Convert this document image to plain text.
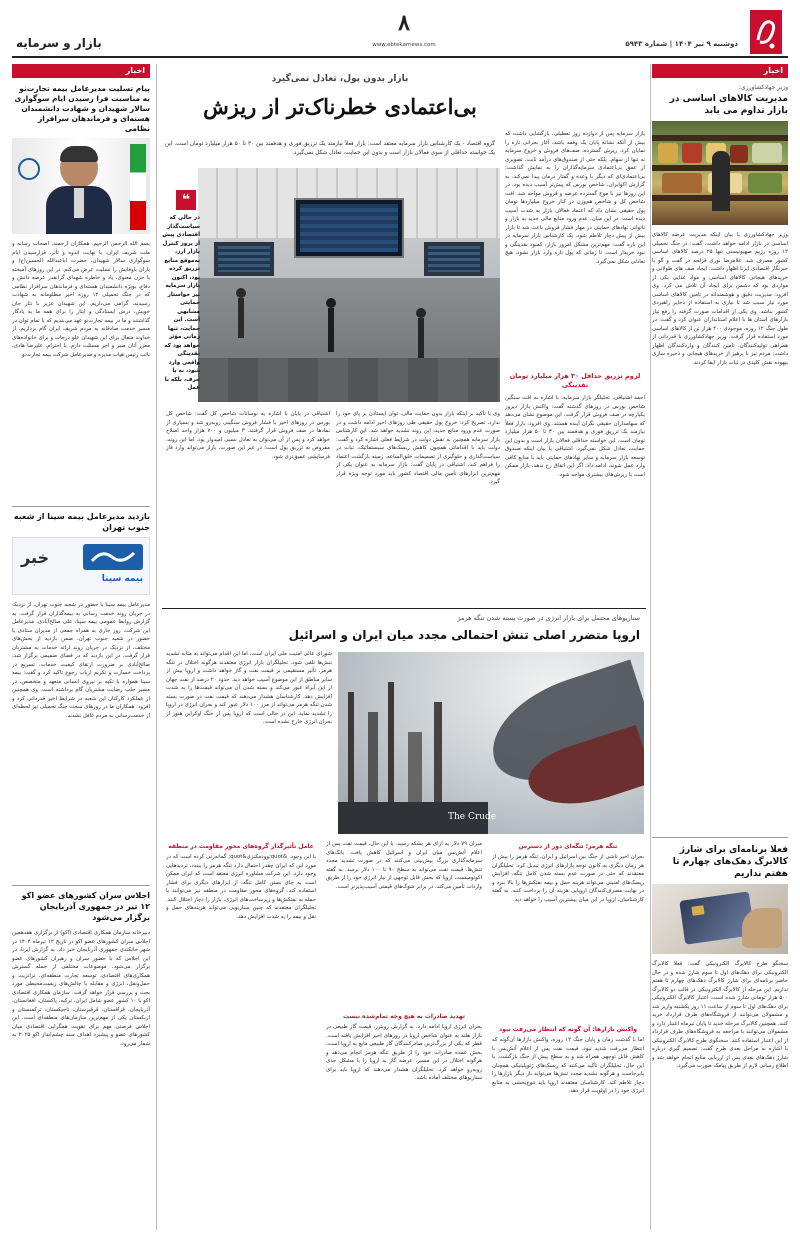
دوشنبه ۹ تیر ۱۴۰۴ | شماره ۵۹۴۳
۸
www.ebtekarnews.com
بازار و سرمایه
اخبار
وزیر جهادکشاورزی:
مدیریت کالاهای اساسی در بازار تداوم می یابد
وزیر جهادکشاورزی با بیان اینکه مدیریت عرضه کالاهای اساسی در بازار ادامه خواهد داشت، گفت: در جنگ تحمیلی ۱۲ روزه رژیم صهیونیستی تنها ۲۵ درصد کالاهای اساسی کشور مصرف شد. غلامرضا نوری قزلجه در گفت و گو با خبرنگار اقتصادی ایرنا اظهار داشت: ایجاد صف های طولانی و خریدهای هیجانی کالاهای اساسی و مواد غذایی یکی از مواردی بود که دشمن برای ایجاد آن تلاش می کرد. وی افزود: مدیریت دقیق و هوشمندانه در تامین کالاهای اساسی مورد نیاز سبب شد تا نیازی به استفاده از ذخایر راهبردی کشور نباشد. وی یکی از اقدامات صورت گرفته را رفع نیاز بازارهای استان ها با اعلام استانداران عنوان کرد و گفت: در طول جنگ ۱۲ روزه، موجودی ۴۰۰ هزار تن از کالاهای اساسی مورد استفاده قرار گرفت. وزیر جهادکشاورزی با قدردانی از همراهی تولیدکنندگان، تامین کنندگان و واردکنندگان اظهار داشت: مردم نیز با پرهیز از خریدهای هیجانی و ذخیره سازی بیهوده نقش کلیدی در ثبات بازار ایفا کردند.
فعلا برنامه‌ای برای شارژ کالابرگ دهک‌های چهارم تا هفتم نداریم
سخنگو طرح کالابرگ الکترونیکی گفت: فعلا کالابرگ الکترونیکی برای دهک‌های اول تا سوم شارژ شده و در حال حاضر برنامه‌ای برای شارژ کالابرگ دهک‌های چهارم تا هفتم نداریم. این مرحله از کالابرگ الکترونیکی در قالب دو کالابرگ ۵۰۰ هزار تومانی شارژ شده است. اعتبار کالابرگ الکترونیکی برای دهک‌های اول تا سوم از ساعت ۱۱ روز یکشنبه واریز شد و مشمولان می‌توانند از فروشگاه‌های طرف قرارداد خرید کنند. همچنین کالابرگ مرحله جدید تا پایان تیرماه اعتبار دارد و مشمولان می‌توانند با مراجعه به فروشگاه‌های طرف قرارداد از این اعتبار استفاده کنند. سخنگوی طرح کالابرگ الکترونیکی با اشاره به مراحل بعدی طرح گفت: تصمیم گیری درباره شارژ دهک‌های بعدی پس از ارزیابی منابع انجام خواهد شد و اطلاع رسانی لازم از طریق پیامک صورت می‌گیرد.
اخبار
پیام تسلیت مدیرعامل بیمه تجارت‌نو به مناسبت فرا رسیدن ایام سوگواری سالار شهیدان و شهادت دانشمندان هسته‌ای و فرماندهان سرافراز نظامی
بسم الله الرحمن الرحیم. همکاران ارجمند، اصحاب رسانه و ملت شریف ایران. با نهایت اندوه و تأثر، فرارسیدن ایام سوگواری سالار شهیدان، حضرت اباعبدالله الحسین(ع) و یاران باوفایش را تسلیت عرض می‌کنم. در این روزهای آمیخته با حزن معنوی، یاد و خاطره شهدای گرانقدر عرصه دانش و دفاع، بویژه دانشمندان هسته‌ای و فرماندهان سرافراز نظامی که در جنگ تحمیلی ۱۲ روزه اخیر مظلومانه به شهادت رسیدند، گرامی می‌داریم. این شهیدان عزیز با نثار جان خویش، درس ایستادگی و ایثار را برای همه ما به یادگار گذاشتند و ما در بیمه تجارت‌نو عهد می‌بندیم که با تمام توان در مسیر خدمت صادقانه به مردم شریف ایران گام برداریم. از خداوند متعال برای این شهیدان علو درجات و برای خانواده‌های معزز آنان صبر و اجر مسئلت دارم. با احترام، علیرضا هادی، نائب رئیس هیات مدیره و مدیرعامل شرکت بیمه تجارت‌نو
بازدید مدیرعامل بیمه سینا از شعبه جنوب تهران
بیمه سینا
خبر
مدیرعامل بیمه سینا با حضور در شعبه جنوب تهران، از نزدیک در جریان روند خدمت رسانی به بیمه‌گذاران قرار گرفت. به گزارش روابط عمومی بیمه سینا، علی صالح‌آبادی، مدیرعامل این شرکت، روز جاری به همراه جمعی از مدیران ستادی با حضور در شعبه جنوب تهران، ضمن بازدید از بخش‌های مختلف، از نزدیک در جریان روند ارائه خدمات به مشتریان قرار گرفت. در این بازدید که در فضای صمیمی برگزار شد، صالح‌آبادی بر ضرورت ارتقای کیفیت خدمات، تسریع در پرداخت خسارت و تکریم ارباب رجوع تاکید کرد و گفت: بیمه سینا همواره با تکیه بر نیروی انسانی متعهد و متخصص، در مسیر جلب رضایت مشتریان گام برداشته است. وی همچنین از عملکرد کارکنان این شعبه در شرایط اخیر قدردانی کرد و افزود: همکاران ما در روزهای سخت جنگ تحمیلی نیز لحظه‌ای از خدمت‌رسانی به مردم غافل نشدند.
اجلاس سران کشورهای عضو اکو ۱۲ تیر در جمهوری آذربایجان برگزار می‌شود
دبیرخانه سازمان همکاری اقتصادی (اکو) از برگزاری هفدهمین اجلاس سران کشورهای عضو اکو در تاریخ ۱۲ تیرماه ۱۴۰۴ در شهر خانکندی جمهوری آذربایجان خبر داد. به گزارش ایرنا، در این اجلاس که با حضور سران و رهبران کشورهای عضو برگزار می‌شود، موضوعات مختلفی از جمله گسترش همکاری‌های اقتصادی، توسعه تجارت منطقه‌ای، ترانزیت و حمل‌ونقل، انرژی و مقابله با چالش‌های زیست‌محیطی مورد بحث و بررسی قرار خواهد گرفت. سازمان همکاری اقتصادی اکو با ۱۰ کشور عضو شامل ایران، ترکیه، پاکستان، افغانستان، آذربایجان، قزاقستان، قرقیزستان، تاجیکستان، ترکمنستان و ازبکستان یکی از مهم‌ترین سازمان‌های منطقه‌ای است. این اجلاس فرصتی مهم برای تقویت همگرایی اقتصادی میان کشورهای عضو و پیشبرد اهداف سند چشم‌انداز اکو ۲۰۲۵ به شمار می‌رود.
بازار بدون پول، تعادل نمی‌گیرد
بی‌اعتمادی خطرناک‌تر از ریزش
گروه اقتصاد - یک کارشناس بازار سرمایه معتقد است: بازار فعلاً نیازمند یک تزریق فوری و هدفمند بین ۳۰ تا ۵۰ هزار میلیارد تومان است. این یک خواسته حداقلی از سوی فعالان بازار است و بدون این حمایت، تعادل شکل نمی‌گیرد.

بازار سرمایه پس از دوازده روز تعطیلی، بازگشایی داشت که بیش از آنکه نشانه پایان یک وقفه باشد، آغاز بحرانی تازه را نمایان کرد. ریزش گسترده، صف‌های فروش و خروج سرمایه نه تنها از سهام، بلکه حتی از صندوق‌های درآمد ثابت، تصویری از عمق بی‌اعتمادی سرمایه‌گذاران را به نمایش گذاشت؛ بی‌اعتمادی‌ای که دیگر با وعده و گفتار درمان پیدا نمی‌کند. به گزارش اکوایران، شاخص بورس که پیش‌تر آسیب دیده بود، در این روزها نیز با موج گسترده عرضه و فروش مواجه شد. افت شاخص کل و شاخص هم‌وزن در کنار خروج میلیاردها تومان پول حقیقی نشان داد که اعتماد فعالان بازار به شدت آسیب دیده است. در این میان، عدم ورود منابع مالی جدید به بازار و ناتوانی نهادهای حمایتی در مهار فشار فروش باعث شد تا بازار بیش از پیش دچار تلاطم شود. یک کارشناس بازار سرمایه در این باره گفت: مهم‌ترین مشکل امروز بازار، کمبود نقدینگی و نبود خریدار است. تا زمانی که پول تازه وارد بازار نشود، هیچ تعادلی شکل نمی‌گیرد.

لزوم تزریق حداقل ۳۰ هزار میلیارد تومان نقدینگی

احمد اشتیاقی، تحلیلگر بازار سرمایه، با اشاره به افت سنگین شاخص بورس در روزهای گذشته گفت: واکنش بازار دیروز یکپارچه در صف فروش قرار گرفت. این موضوع نشان می‌دهد که سهامداران حقیقی نگران آینده هستند. وی افزود: بازار فعلاً نیازمند یک تزریق فوری و هدفمند بین ۳۰ تا ۵۰ هزار میلیارد تومان است. این خواسته حداقلی فعالان بازار است و بدون این حمایت، تعادل شکل نمی‌گیرد. اشتیاقی با بیان اینکه صندوق توسعه بازار سرمایه و سایر نهادهای حمایتی باید با منابع کافی وارد عمل شوند، ادامه داد: اگر این اتفاق رخ ندهد، بازار ممکن است با ریزش‌های بیشتری مواجه شود.

❝
در حالی که سیاست‌گذار اقتصادی پیش از بروز کنترل بازار ارز، به‌موقع منابع تزریق کرده بود، اکنون بازار سرمایه نیز خواستار حمایتی مشابهی است. این حمایت، تنها زمانی مؤثر خواهد بود که نقدینگی واقعی وارد شود، نه با حرف، بلکه با عمل

وی با تأکید بر اینکه بازار بدون حمایت مالی، توان ایستادن بر پای خود را ندارد، تصریح کرد: خروج پول حقیقی طی روزهای اخیر ادامه داشت و در صورت عدم ورود منابع جدید، این روند تشدید خواهد شد. این کارشناس بازار سرمایه همچنین به نقش دولت در شرایط فعلی اشاره کرد و گفت: دولت باید با اقداماتی همچون کاهش ریسک‌های سیستماتیک، ثبات در سیاست‌گذاری و جلوگیری از تصمیمات خلق‌الساعه، زمینه بازگشت اعتماد را فراهم کند. اشتیاقی در پایان گفت: بازار سرمایه به عنوان یکی از مهم‌ترین ابزارهای تأمین مالی اقتصاد کشور باید مورد توجه ویژه قرار گیرد.

اشتیاقی در پایان با اشاره به نوسانات شاخص کل گفت: شاخص کل بورس در روزهای اخیر با فشار فروش سنگینی روبه‌رو شد و بسیاری از نمادها در صف فروش قرار گرفتند. ۳ میلیون و ۷۰۰ هزار واحد اصلاح خواهد کرد و پس از آن می‌توان به تعادل نسبی امیدوار بود. اما این روند، مفروض به تزریق پول است؛ در غیر این صورت، بازار می‌تواند وارد فاز فرسایشی عمیق‌تری شود.

سناریوهای محتمل برای بازار انرژی در صورت بسته شدن تنگه هرمز
اروپا متضرر اصلی تنش احتمالی مجدد میان ایران و اسرائیل
The Crude

شوراى عالى امنيت ملى ايران است، اما اين اقدام مى‌تواند به مثابه تشديد تنش‌ها تلقى شود. تحليلگران بازار انرژى معتقدند هرگونه اختلال در تنگه هرمز، تأثير مستقيمى بر قيمت نفت و گاز خواهد داشت و اروپا بيش از ساير مناطق از اين موضوع آسيب خواهد ديد. حدود ۲۰ درصد از نفت جهان از اين آبراه عبور مى‌كند و بسته شدن آن مى‌تواند قيمت‌ها را به شدت افزايش دهد. كارشناسان هشدار مى‌دهند كه قيمت نفت در صورت بسته شدن تنگه هرمز مى‌تواند از مرز ۱۰۰ دلار عبور كند و بحران انرژى در اروپا را تشديد نمايد. اين در حالى است كه اروپا پس از جنگ اوكراين هنوز از بحران انرژى خارج نشده است.

عامل تأثیرگذار گروه‌های محور مقاومت در منطقه
با این وجود، &quot;وودمکنزی&quot; گمانه‌زنی کرده است که در مورد این که ایران چقدر احتمال دارد تنگه هرمز را ببندد، تردیدهایی وجود دارد. این شرکت مشاوره انرژی معتقد است که ایران ممکن است به جای بستن کامل تنگه، از ابزارهای دیگری برای فشار استفاده کند. گروه‌های محور مقاومت در منطقه نیز می‌توانند با حمله به نفتکش‌ها و زیرساخت‌های انرژی، بازار را دچار اختلال کنند. تحلیلگران معتقدند که چنین سناریویی می‌تواند هزینه‌های حمل و نقل و بیمه را به شدت افزایش دهد.
میزان ۷۹ دلار به ازای هر بشکه رسید. با این حال، قیمت نفت پس از اعلام آتش‌بس میان ایران و اسرائیل کاهش یافت. بانک‌های سرمایه‌گذاری بزرگ پیش‌بینی می‌کنند که در صورت تشدید مجدد تنش‌ها، قیمت نفت می‌تواند به سطح ۹۰ تا ۱۰۰ دلار برسد. به گفته اکونومیست، اروپا که بخش قابل توجهی از نیاز انرژی خود را از طریق واردات تأمین می‌کند، در برابر شوک‌های قیمتی آسیب‌پذیرتر است.
تهدید صادرات به هیچ وجه تمام‌شده نیست
بحران انرژی اروپا ادامه دارد. به گزارش رویترز، قیمت گاز طبیعی در بازار هلند به عنوان شاخص اروپا در روزهای اخیر افزایش یافته است. قطر که یکی از بزرگ‌ترین صادرکنندگان گاز طبیعی مایع به اروپا است، بخش عمده صادرات خود را از طریق تنگه هرمز انجام می‌دهد و هرگونه اختلال در این مسیر، عرضه گاز به اروپا را با مشکل جدی روبه‌رو خواهد کرد. تحلیلگران هشدار می‌دهند که اروپا باید برای سناریوهای مختلف آماده باشد.
تنگه هرمز؛ تنگه‌ای دور از دسترس
بحران اخیر ناشی از جنگ بین اسرائیل و ایران، تنگه هرمز را بیش از هر زمان دیگری به کانون توجه بازارهای انرژی تبدیل کرد. تحلیلگران معتقدند که حتی در صورت عدم بسته شدن کامل تنگه، افزایش ریسک‌های امنیتی می‌تواند هزینه حمل و بیمه نفتکش‌ها را بالا ببرد و در نهایت مصرف‌کنندگان اروپایی هزینه آن را پرداخت کنند. به گفته کارشناسان، اروپا در این میان بیشترین آسیب را خواهد دید.
واکنش بازارها: آن گونه که انتظار می‌رفت نبود
اما با گذشت زمان و پایان جنگ ۱۲ روزه، واکنش بازارها آن‌گونه که انتظار می‌رفت شدید نبود. قیمت نفت پس از اعلام آتش‌بس با کاهش قابل توجهی همراه شد و به سطح پیش از جنگ بازگشت. با این حال، تحلیلگران تأکید می‌کنند که ریسک‌های ژئوپلیتیکی همچنان پابرجاست و هرگونه تشدید مجدد تنش‌ها می‌تواند بار دیگر بازارها را دچار تلاطم کند. کارشناسان معتقدند اروپا باید تنوع‌بخشی به منابع انرژی خود را در اولویت قرار دهد.
